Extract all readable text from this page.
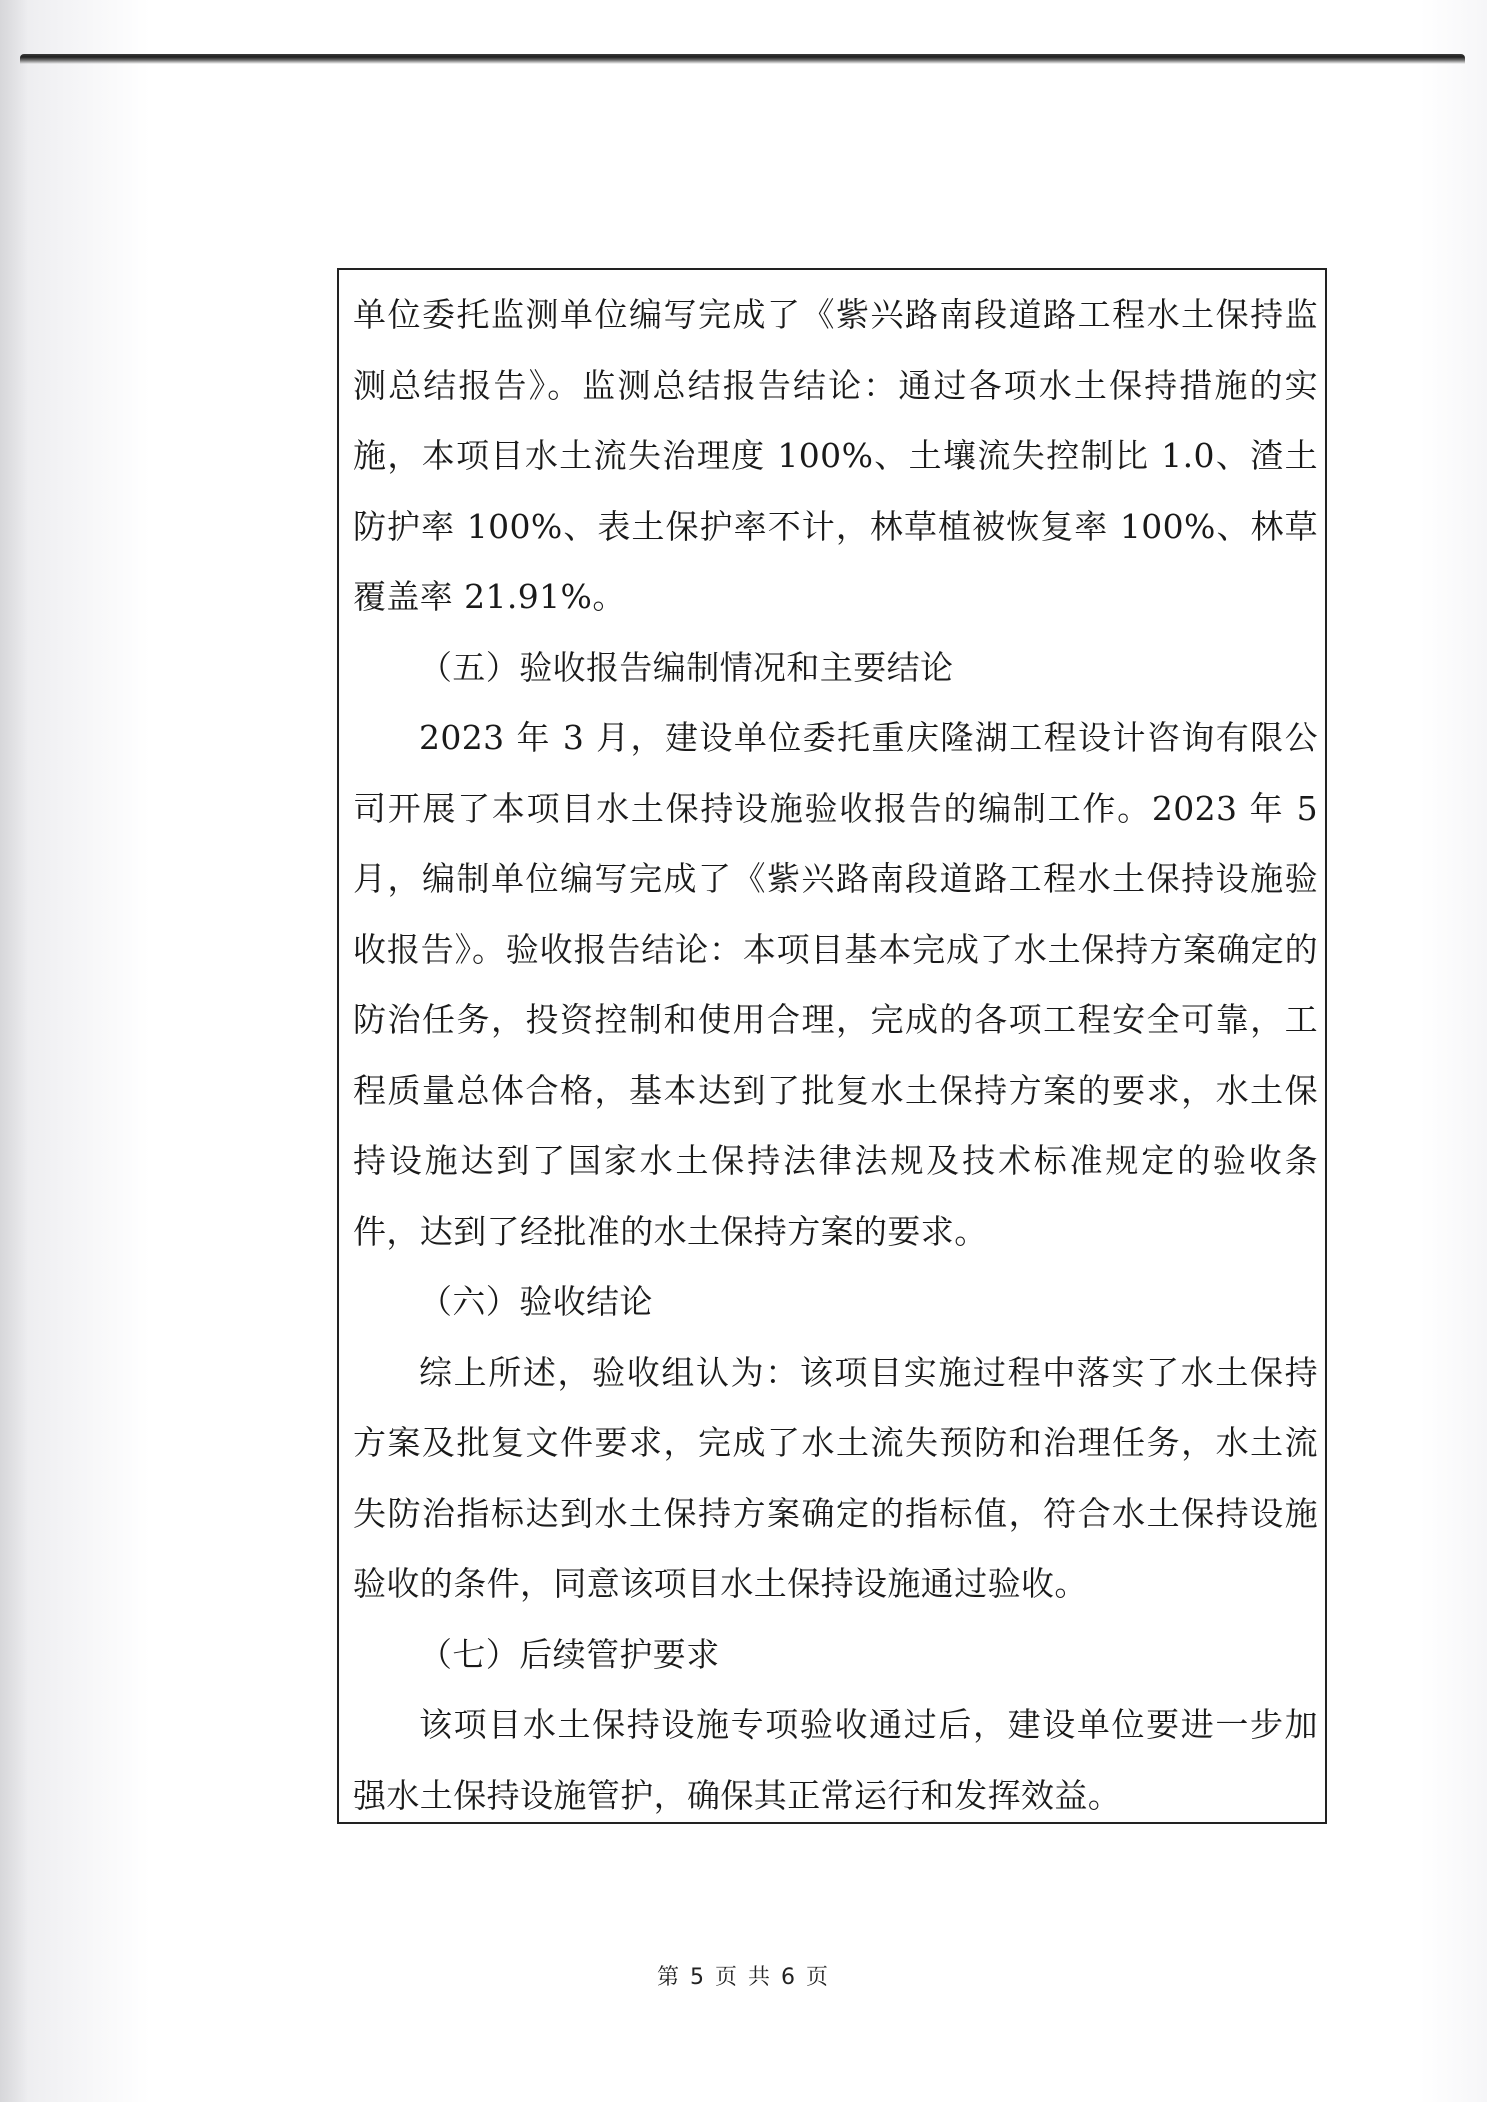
单位委托监测单位编写完成了《紫兴路南段道路工程水土保持监测总结报告》。监测总结报告结论：通过各项水土保持措施的实施，本项目水土流失治理度 100%、土壤流失控制比 1.0、渣土防护率 100%、表土保护率不计，林草植被恢复率 100%、林草覆盖率 21.91%。

（五）验收报告编制情况和主要结论

2023 年 3 月，建设单位委托重庆隆湖工程设计咨询有限公司开展了本项目水土保持设施验收报告的编制工作。2023 年 5 月，编制单位编写完成了《紫兴路南段道路工程水土保持设施验收报告》。验收报告结论：本项目基本完成了水土保持方案确定的防治任务，投资控制和使用合理，完成的各项工程安全可靠，工程质量总体合格，基本达到了批复水土保持方案的要求，水土保持设施达到了国家水土保持法律法规及技术标准规定的验收条件，达到了经批准的水土保持方案的要求。

（六）验收结论

综上所述，验收组认为：该项目实施过程中落实了水土保持方案及批复文件要求，完成了水土流失预防和治理任务，水土流失防治指标达到水土保持方案确定的指标值，符合水土保持设施验收的条件，同意该项目水土保持设施通过验收。

（七）后续管护要求

该项目水土保持设施专项验收通过后，建设单位要进一步加强水土保持设施管护，确保其正常运行和发挥效益。

第 5 页 共 6 页
